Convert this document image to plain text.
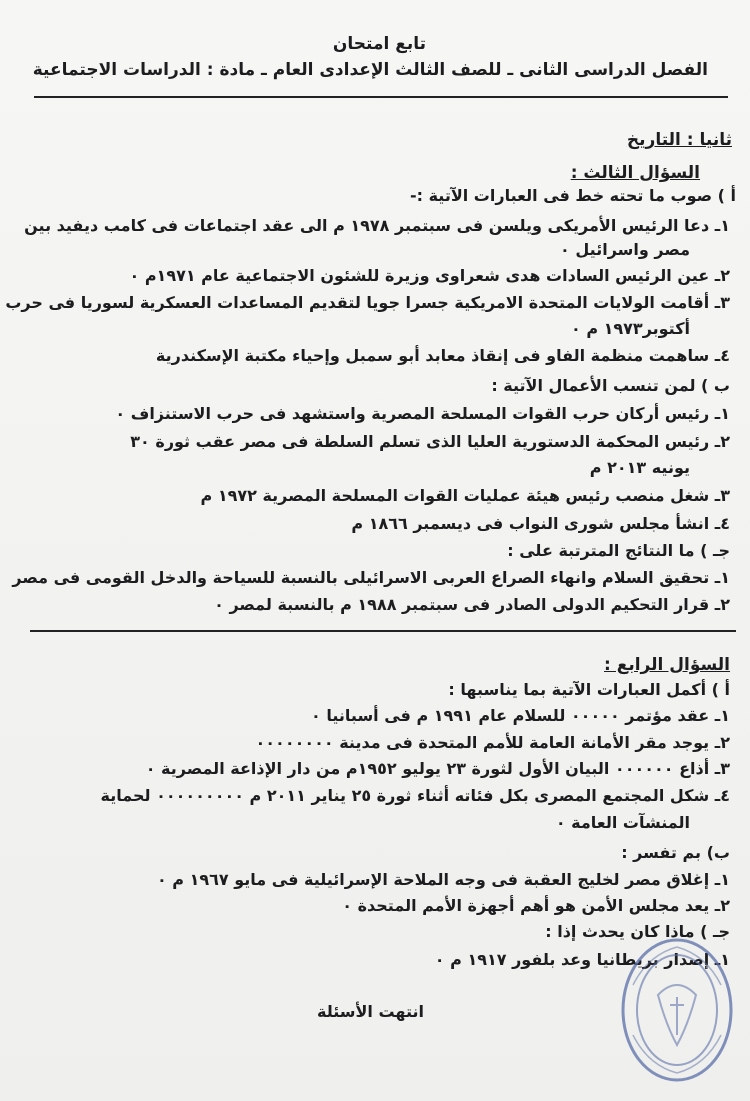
تابع امتحان
الفصل الدراسى الثانى ـ للصف الثالث الإعدادى العام ـ مادة : الدراسات الاجتماعية
ثانيا : التاريخ
السؤال الثالث :
أ ) صوب ما تحته خط فى العبارات الآتية :-
١ـ دعا الرئيس الأمريكى ويلسن فى سبتمبر ١٩٧٨ م الى عقد اجتماعات فى كامب ديفيد بين
مصر واسرائيل ٠
٢ـ عين الرئيس السادات هدى شعراوى وزيرة للشئون الاجتماعية عام ١٩٧١م ٠
٣ـ أقامت الولايات المتحدة الامريكية جسرا جويا لتقديم المساعدات العسكرية لسوريا فى حرب
أكتوبر١٩٧٣ م ٠
٤ـ ساهمت منظمة الفاو فى إنقاذ معابد أبو سمبل وإحياء مكتبة الإسكندرية
ب ) لمن تنسب الأعمال الآتية :
١ـ رئيس أركان حرب القوات المسلحة المصرية واستشهد فى حرب الاستنزاف ٠
٢ـ رئيس المحكمة الدستورية العليا الذى تسلم السلطة فى مصر عقب ثورة ٣٠
يونيه ٢٠١٣ م
٣ـ شغل منصب رئيس هيئة عمليات القوات المسلحة المصرية ١٩٧٢ م
٤ـ انشأ مجلس شورى النواب فى ديسمبر ١٨٦٦ م
جـ ) ما النتائج المترتبة على :
١ـ تحقيق السلام وانهاء الصراع العربى الاسرائيلى بالنسبة للسياحة والدخل القومى فى مصر
٢ـ قرار التحكيم الدولى الصادر فى سبتمبر ١٩٨٨ م بالنسبة لمصر ٠
السؤال الرابع :
أ ) أكمل العبارات الآتية بما يناسبها :
١ـ عقد مؤتمر ٠٠٠٠٠ للسلام عام ١٩٩١ م فى أسبانيا ٠
٢ـ يوجد مقر الأمانة العامة للأمم المتحدة فى مدينة ٠٠٠٠٠٠٠٠
٣ـ أذاع ٠٠٠٠٠٠ البيان الأول لثورة ٢٣ يوليو ١٩٥٢م من دار الإذاعة المصرية ٠
٤ـ شكل المجتمع المصرى بكل فئاته أثناء ثورة ٢٥ يناير ٢٠١١ م ٠٠٠٠٠٠٠٠٠ لحماية
المنشآت العامة ٠
ب) بم تفسر :
١ـ إغلاق مصر لخليج العقبة فى وجه الملاحة الإسرائيلية فى مايو ١٩٦٧ م ٠
٢ـ يعد مجلس الأمن هو أهم أجهزة الأمم المتحدة ٠
جـ ) ماذا كان يحدث إذا :
١ـ إصدار بريطانيا وعد بلفور ١٩١٧ م ٠
انتهت الأسئلة
